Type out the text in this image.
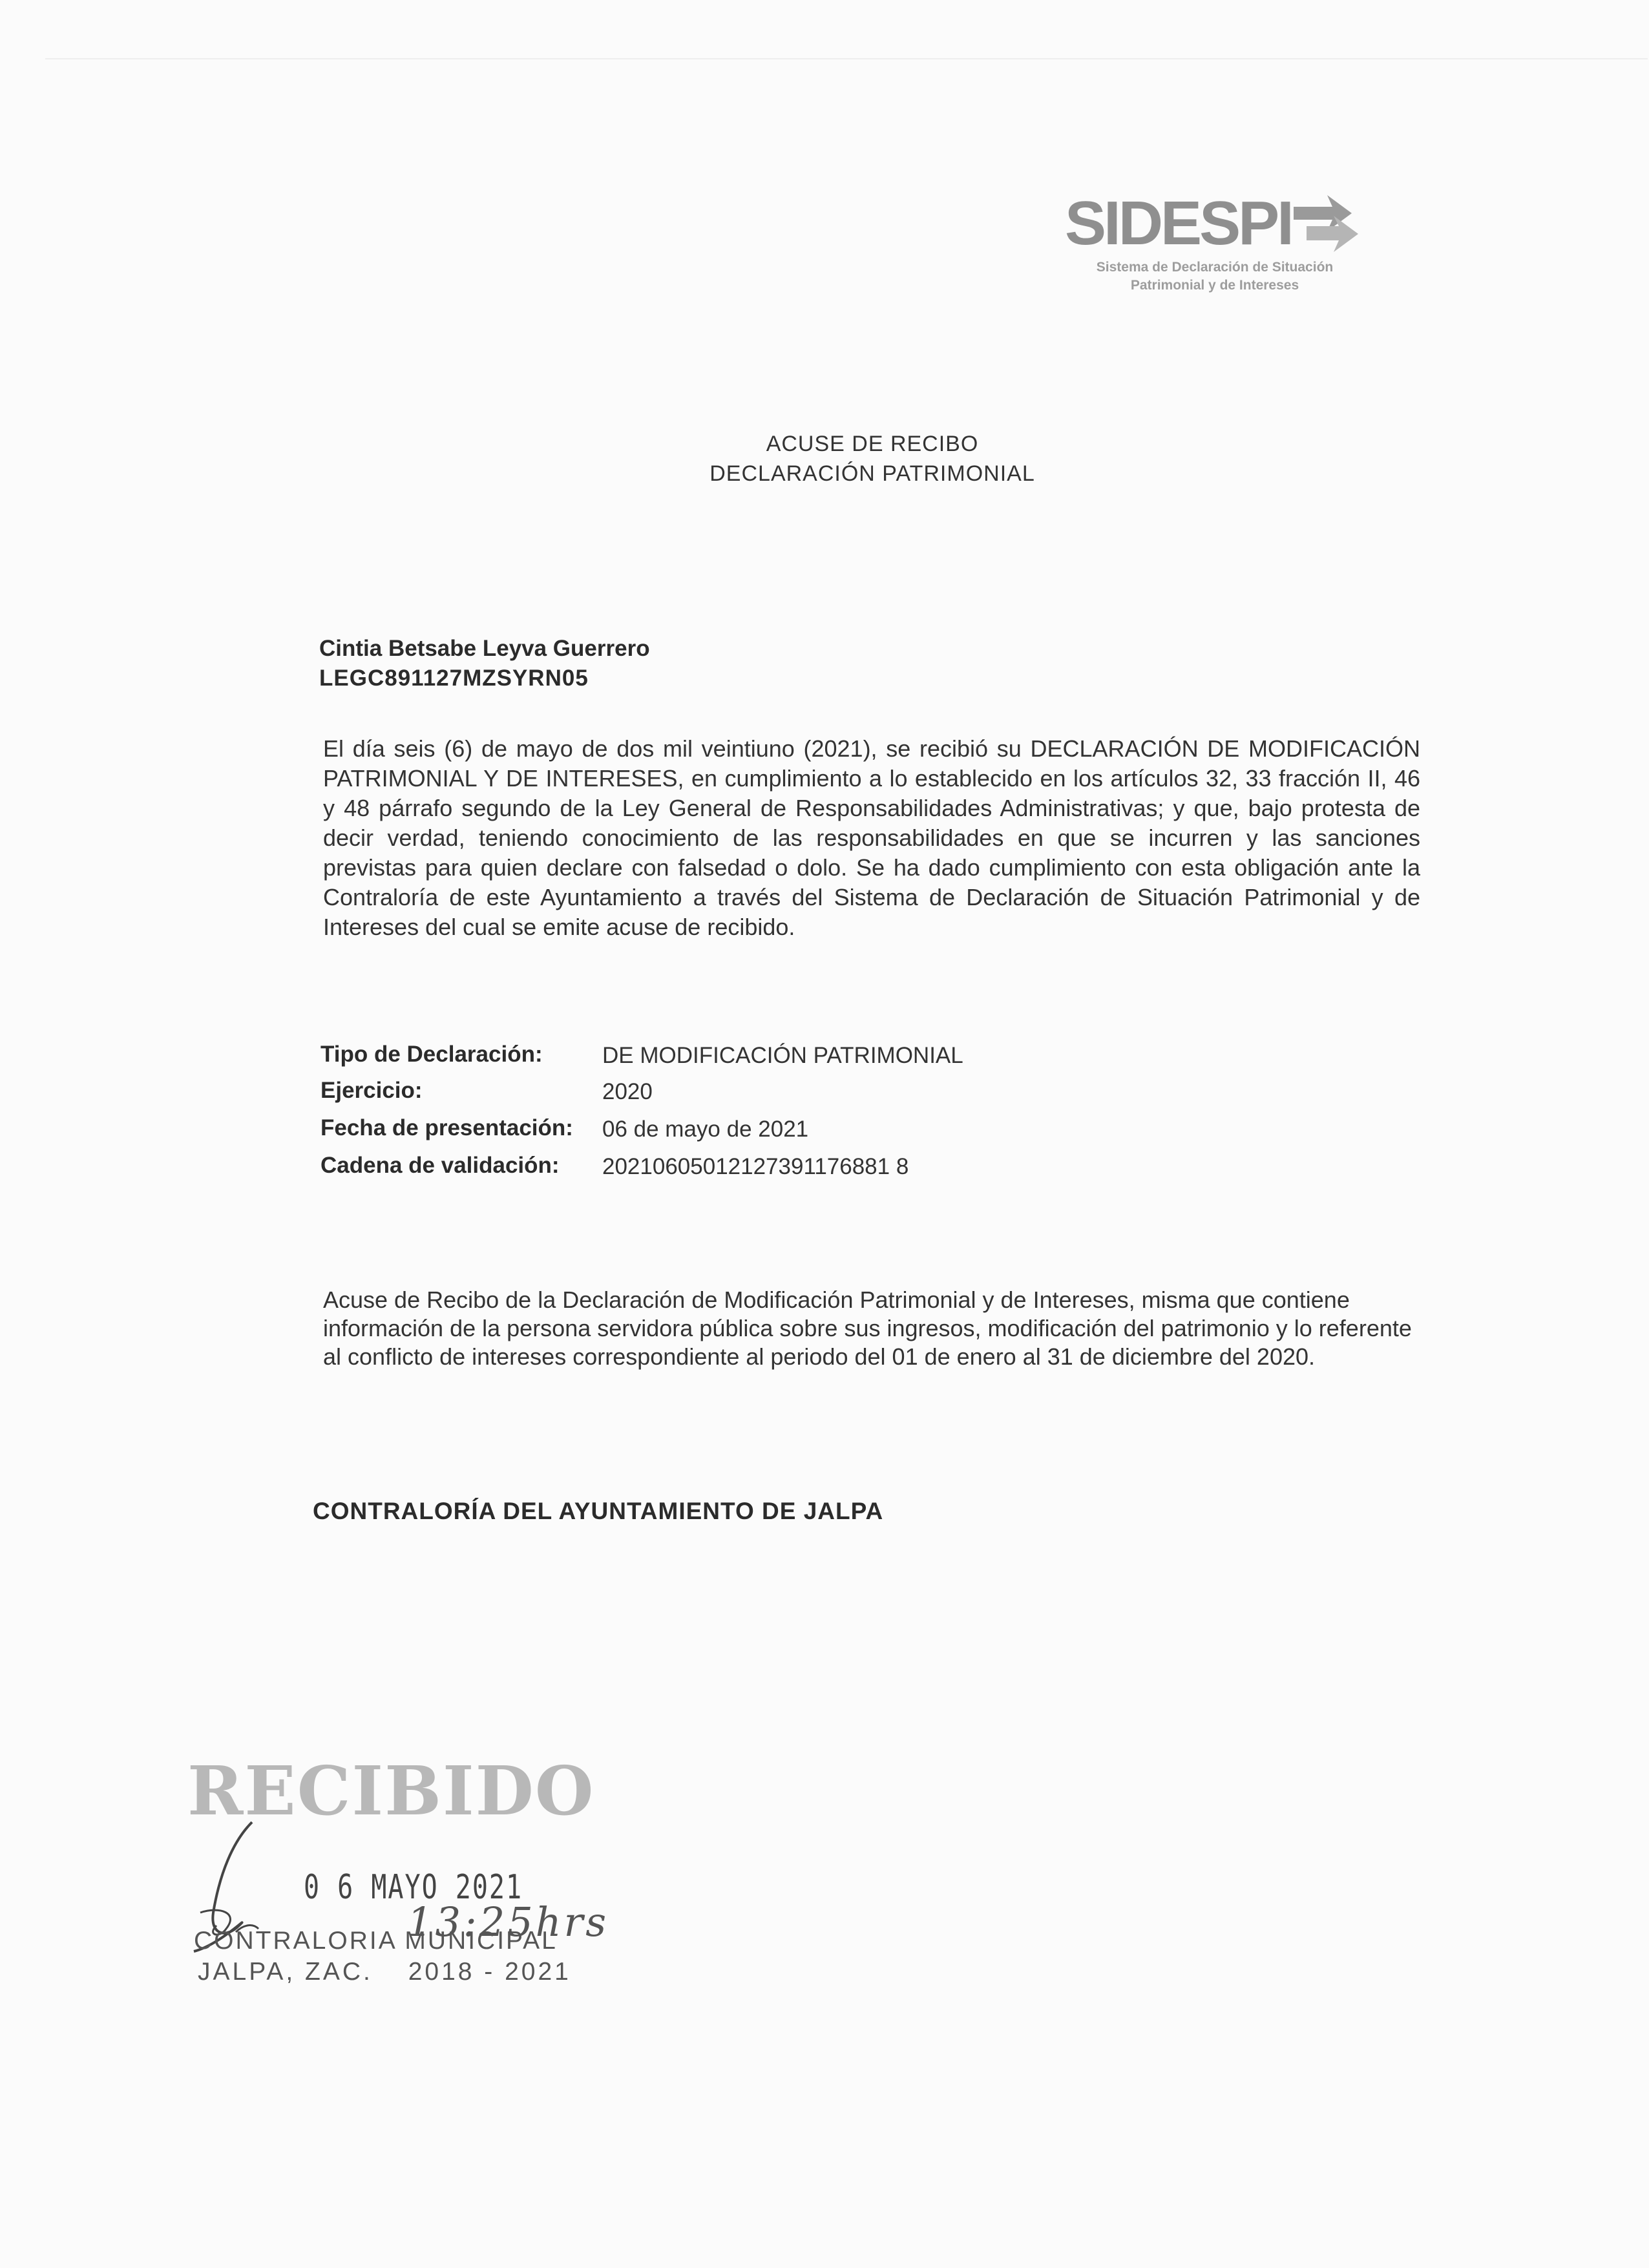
SIDESPI
Sistema de Declaración de Situación
Patrimonial y de Intereses
ACUSE DE RECIBO
DECLARACIÓN PATRIMONIAL
Cintia Betsabe Leyva Guerrero
LEGC891127MZSYRN05

El día seis (6) de mayo de dos mil veintiuno (2021), se recibió su DECLARACIÓN DE MODIFICACIÓN PATRIMONIAL Y DE INTERESES, en cumplimiento a lo establecido en los artículos 32, 33 fracción II, 46 y 48 párrafo segundo de la Ley General de Responsabilidades Administrativas; y que, bajo protesta de decir verdad, teniendo conocimiento de las responsabilidades en que se incurren y las sanciones previstas para quien declare con falsedad o dolo. Se ha dado cumplimiento con esta obligación ante la Contraloría de este Ayuntamiento a través del Sistema de Declaración de Situación Patrimonial y de Intereses del cual se emite acuse de recibido.

Tipo de Declaración:	DE MODIFICACIÓN PATRIMONIAL
Ejercicio:	2020
Fecha de presentación: 06 de mayo de 2021
Cadena de validación: 20210605012127391176881 8

Acuse de Recibo de la Declaración de Modificación Patrimonial y de Intereses, misma que contiene información de la persona servidora pública sobre sus ingresos, modificación del patrimonio y lo referente al conflicto de intereses correspondiente al periodo del 01 de enero al 31 de diciembre del 2020.

CONTRALORÍA DEL AYUNTAMIENTO DE JALPA
RECIBIDO
0 6 MAYO 2021
13:25hrs
CONTRALORIA MUNICIPAL
JALPA, ZAC. 2018 - 2021
